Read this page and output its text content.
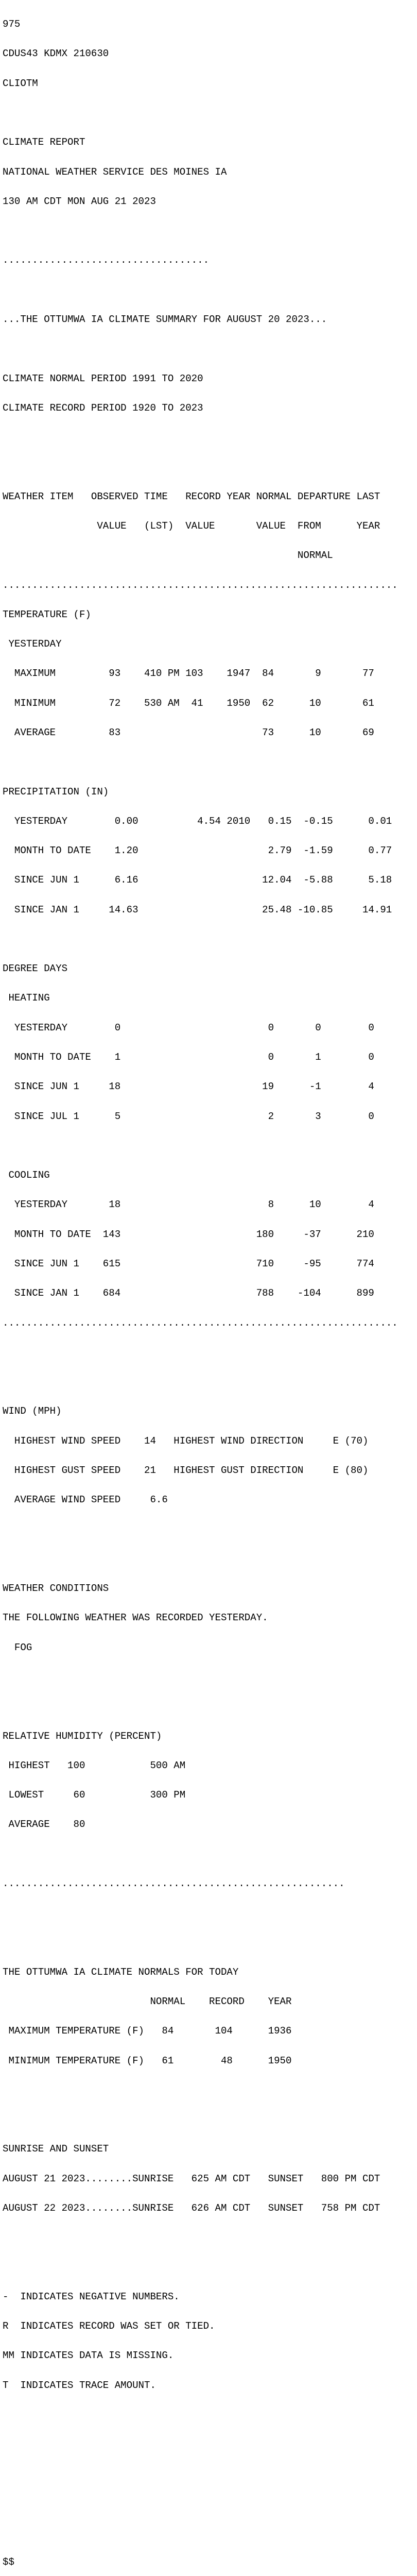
975

CDUS43 KDMX 210630

CLIOTM

CLIMATE REPORT

NATIONAL WEATHER SERVICE DES MOINES IA

130 AM CDT MON AUG 21 2023

...................................

...THE OTTUMWA IA CLIMATE SUMMARY FOR AUGUST 20 2023...

CLIMATE NORMAL PERIOD 1991 TO 2020

CLIMATE RECORD PERIOD 1920 TO 2023

WEATHER ITEM   OBSERVED TIME   RECORD YEAR NORMAL DEPARTURE LAST

VALUE   (LST)  VALUE       VALUE  FROM      YEAR

NORMAL

...................................................................

TEMPERATURE (F)

YESTERDAY

MAXIMUM         93    410 PM 103    1947  84       9       77

MINIMUM         72    530 AM  41    1950  62      10       61

AVERAGE         83                        73      10       69

PRECIPITATION (IN)

YESTERDAY        0.00          4.54 2010   0.15  -0.15      0.01

MONTH TO DATE    1.20                      2.79  -1.59      0.77

SINCE JUN 1      6.16                     12.04  -5.88      5.18

SINCE JAN 1     14.63                     25.48 -10.85     14.91

DEGREE DAYS

HEATING

YESTERDAY        0                         0       0        0

MONTH TO DATE    1                         0       1        0

SINCE JUN 1     18                        19      -1        4

SINCE JUL 1      5                         2       3        0

COOLING

YESTERDAY       18                         8      10        4

MONTH TO DATE  143                       180     -37      210

SINCE JUN 1    615                       710     -95      774

SINCE JAN 1    684                       788    -104      899

...................................................................

WIND (MPH)

HIGHEST WIND SPEED    14   HIGHEST WIND DIRECTION     E (70)

HIGHEST GUST SPEED    21   HIGHEST GUST DIRECTION     E (80)

AVERAGE WIND SPEED     6.6

WEATHER CONDITIONS

THE FOLLOWING WEATHER WAS RECORDED YESTERDAY.

FOG

RELATIVE HUMIDITY (PERCENT)

HIGHEST   100           500 AM

LOWEST     60           300 PM

AVERAGE    80

..........................................................

THE OTTUMWA IA CLIMATE NORMALS FOR TODAY

NORMAL    RECORD    YEAR

MAXIMUM TEMPERATURE (F)   84       104      1936

MINIMUM TEMPERATURE (F)   61        48      1950

SUNRISE AND SUNSET

AUGUST 21 2023........SUNRISE   625 AM CDT   SUNSET   800 PM CDT

AUGUST 22 2023........SUNRISE   626 AM CDT   SUNSET   758 PM CDT

-  INDICATES NEGATIVE NUMBERS.

R  INDICATES RECORD WAS SET OR TIED.

MM INDICATES DATA IS MISSING.

T  INDICATES TRACE AMOUNT.

$$
